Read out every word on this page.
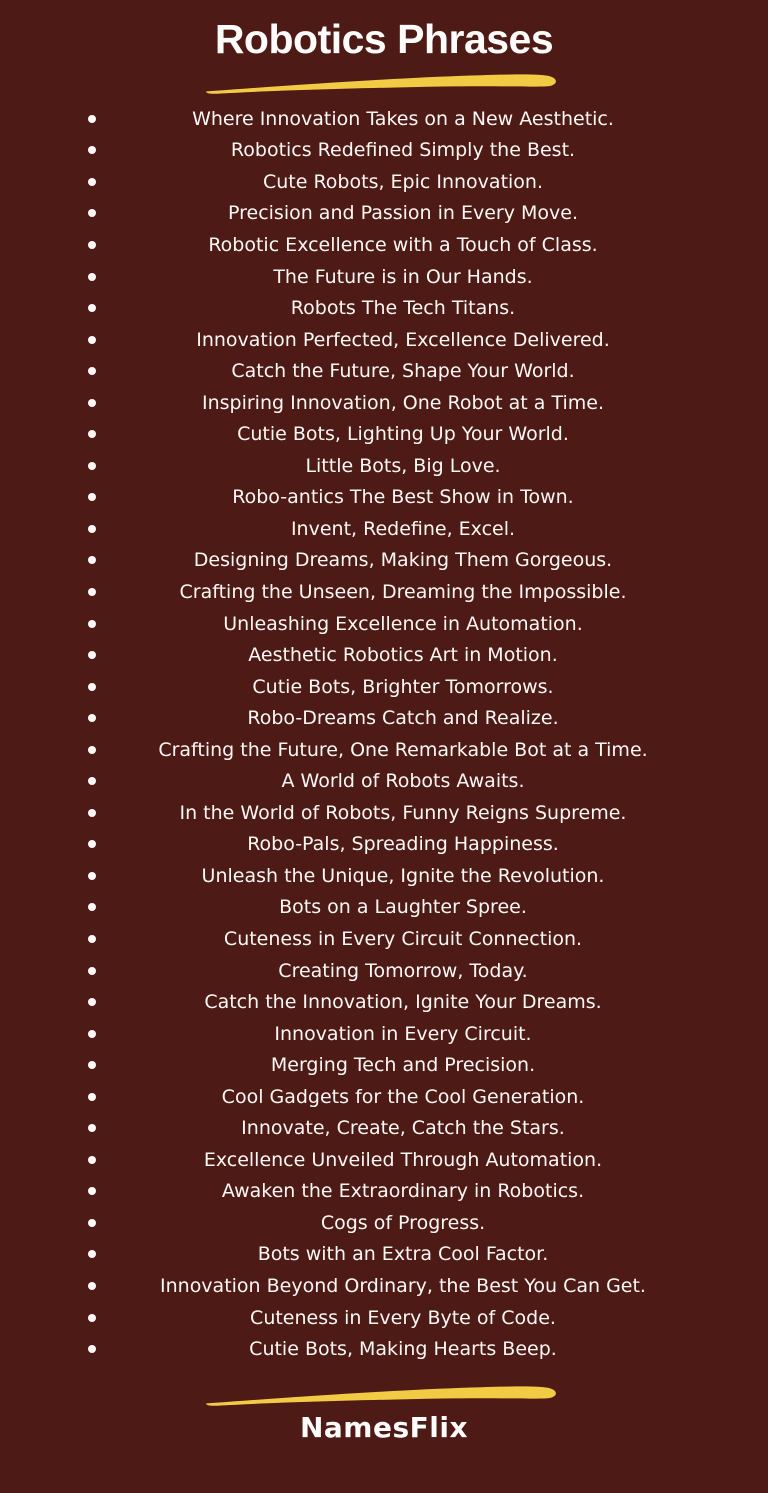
Robotics Phrases
Where Innovation Takes on a New Aesthetic.
Robotics Redefined Simply the Best.
Cute Robots, Epic Innovation.
Precision and Passion in Every Move.
Robotic Excellence with a Touch of Class.
The Future is in Our Hands.
Robots The Tech Titans.
Innovation Perfected, Excellence Delivered.
Catch the Future, Shape Your World.
Inspiring Innovation, One Robot at a Time.
Cutie Bots, Lighting Up Your World.
Little Bots, Big Love.
Robo-antics The Best Show in Town.
Invent, Redefine, Excel.
Designing Dreams, Making Them Gorgeous.
Crafting the Unseen, Dreaming the Impossible.
Unleashing Excellence in Automation.
Aesthetic Robotics Art in Motion.
Cutie Bots, Brighter Tomorrows.
Robo-Dreams Catch and Realize.
Crafting the Future, One Remarkable Bot at a Time.
A World of Robots Awaits.
In the World of Robots, Funny Reigns Supreme.
Robo-Pals, Spreading Happiness.
Unleash the Unique, Ignite the Revolution.
Bots on a Laughter Spree.
Cuteness in Every Circuit Connection.
Creating Tomorrow, Today.
Catch the Innovation, Ignite Your Dreams.
Innovation in Every Circuit.
Merging Tech and Precision.
Cool Gadgets for the Cool Generation.
Innovate, Create, Catch the Stars.
Excellence Unveiled Through Automation.
Awaken the Extraordinary in Robotics.
Cogs of Progress.
Bots with an Extra Cool Factor.
Innovation Beyond Ordinary, the Best You Can Get.
Cuteness in Every Byte of Code.
Cutie Bots, Making Hearts Beep.
NamesFlix
